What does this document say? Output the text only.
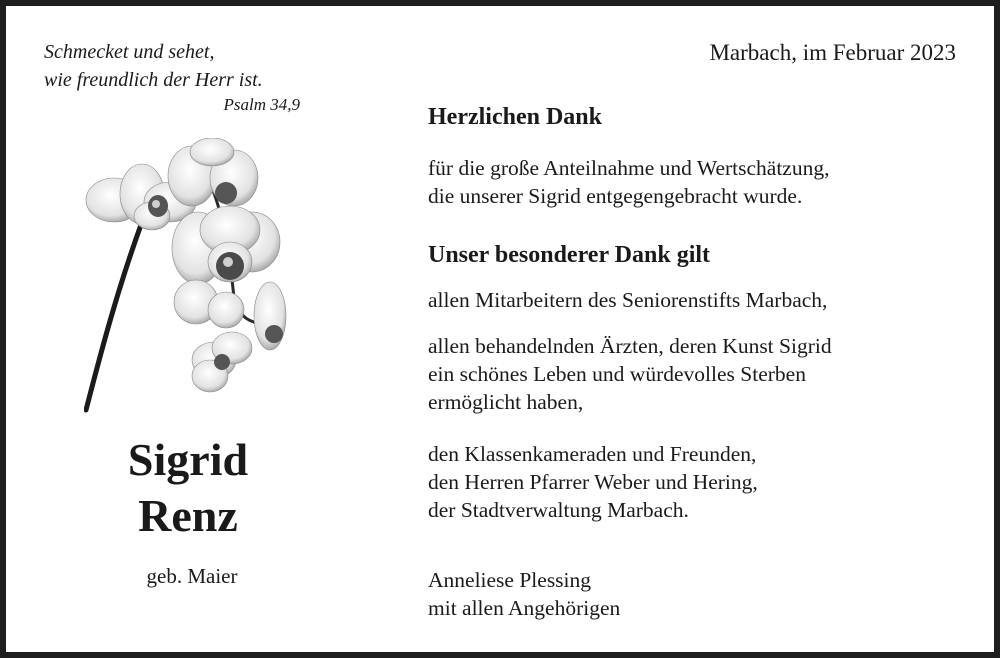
Schmecket und sehet,
wie freundlich der Herr ist.
Psalm 34,9
Sigrid
Renz
geb. Maier
Marbach, im Februar 2023
Herzlichen Dank
für die große Anteilnahme und Wertschätzung,
die unserer Sigrid entgegengebracht wurde.
Unser besonderer Dank gilt
allen Mitarbeitern des Seniorenstifts Marbach,
allen behandelnden Ärzten, deren Kunst Sigrid
ein schönes Leben und würdevolles Sterben
ermöglicht haben,
den Klassenkameraden und Freunden,
den Herren Pfarrer Weber und Hering,
der Stadtverwaltung Marbach.
Anneliese Plessing
mit allen Angehörigen
